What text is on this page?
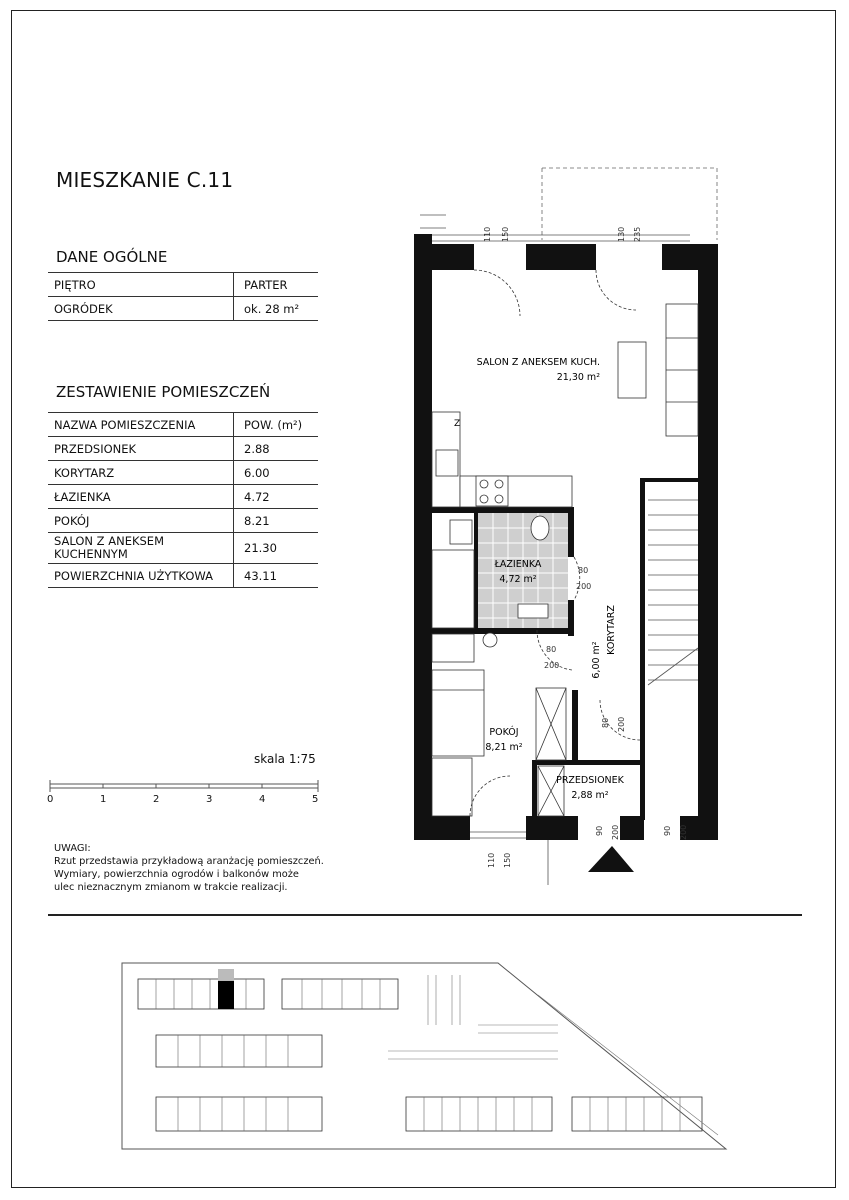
MIESZKANIE C.11
DANE OGÓLNE
PIĘTRO	PARTER
OGRÓDEK	ok. 28 m²
ZESTAWIENIE POMIESZCZEŃ
NAZWA POMIESZCZENIA	POW. (m²)
PRZEDSIONEK	2.88
KORYTARZ	6.00
ŁAZIENKA	4.72
POKÓJ	8.21
SALON Z ANEKSEM
KUCHENNYM	21.30
POWIERZCHNIA UŻYTKOWA	43.11
skala 1:75
0	1	2	3	4	5
UWAGI:
Rzut przedstawia przykładową aranżację pomieszczeń.
Wymiary, powierzchnia ogrodów i balkonów może
ulec nieznacznym zmianom w trakcie realizacji.
SALON Z ANEKSEM KUCH.
21,30 m²
ŁAZIENKA
4,72 m²
POKÓJ
8,21 m²
PRZEDSIONEK
2,88 m²
KORYTARZ
6,00 m²
Z
110 150	130 235
80
200
80
200
80 200
110 150
90 200	90 200
